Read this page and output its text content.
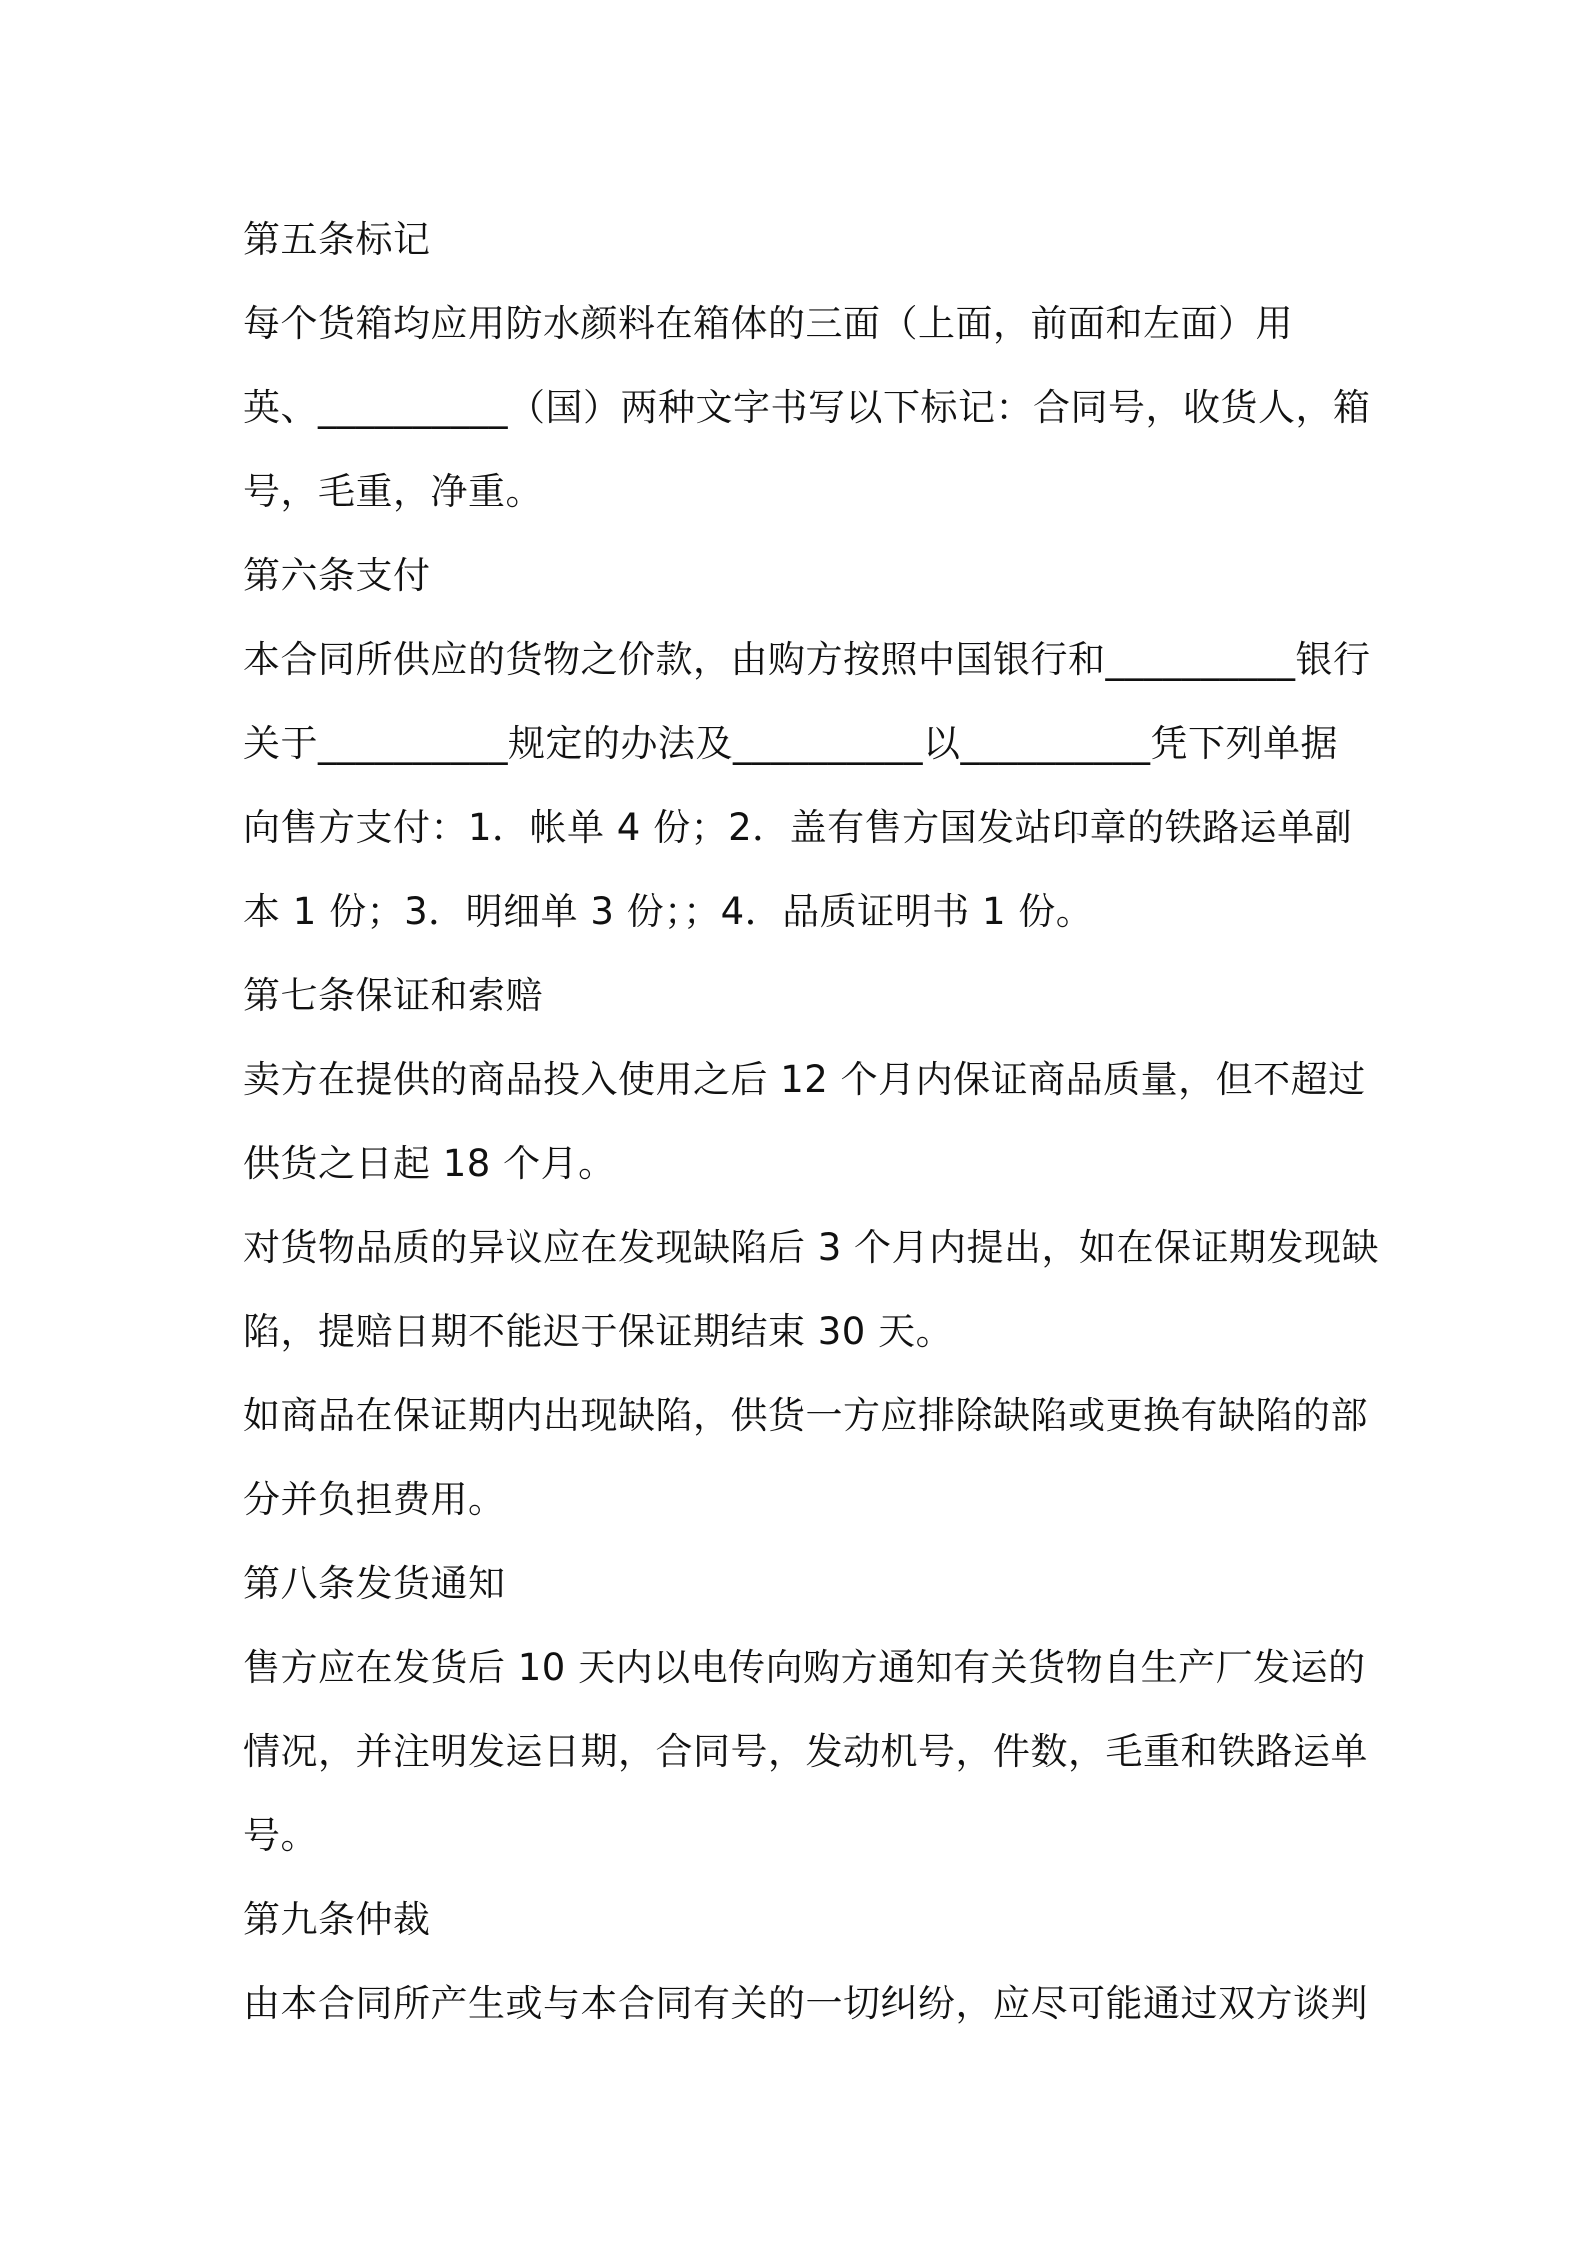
第五条标记

每个货箱均应用防水颜料在箱体的三面（上面，前面和左面）用

英、__________（国）两种文字书写以下标记：合同号，收货人，箱

号，毛重，净重。

第六条支付

本合同所供应的货物之价款，由购方按照中国银行和__________银行

关于__________规定的办法及__________以__________凭下列单据

向售方支付：1．帐单 4 份；2．盖有售方国发站印章的铁路运单副

本 1 份；3．明细单 3 份；；4．品质证明书 1 份。

第七条保证和索赔

卖方在提供的商品投入使用之后 12 个月内保证商品质量，但不超过

供货之日起 18 个月。

对货物品质的异议应在发现缺陷后 3 个月内提出，如在保证期发现缺

陷，提赔日期不能迟于保证期结束 30 天。

如商品在保证期内出现缺陷，供货一方应排除缺陷或更换有缺陷的部

分并负担费用。

第八条发货通知

售方应在发货后 10 天内以电传向购方通知有关货物自生产厂发运的

情况，并注明发运日期，合同号，发动机号，件数，毛重和铁路运单

号。

第九条仲裁

由本合同所产生或与本合同有关的一切纠纷，应尽可能通过双方谈判
